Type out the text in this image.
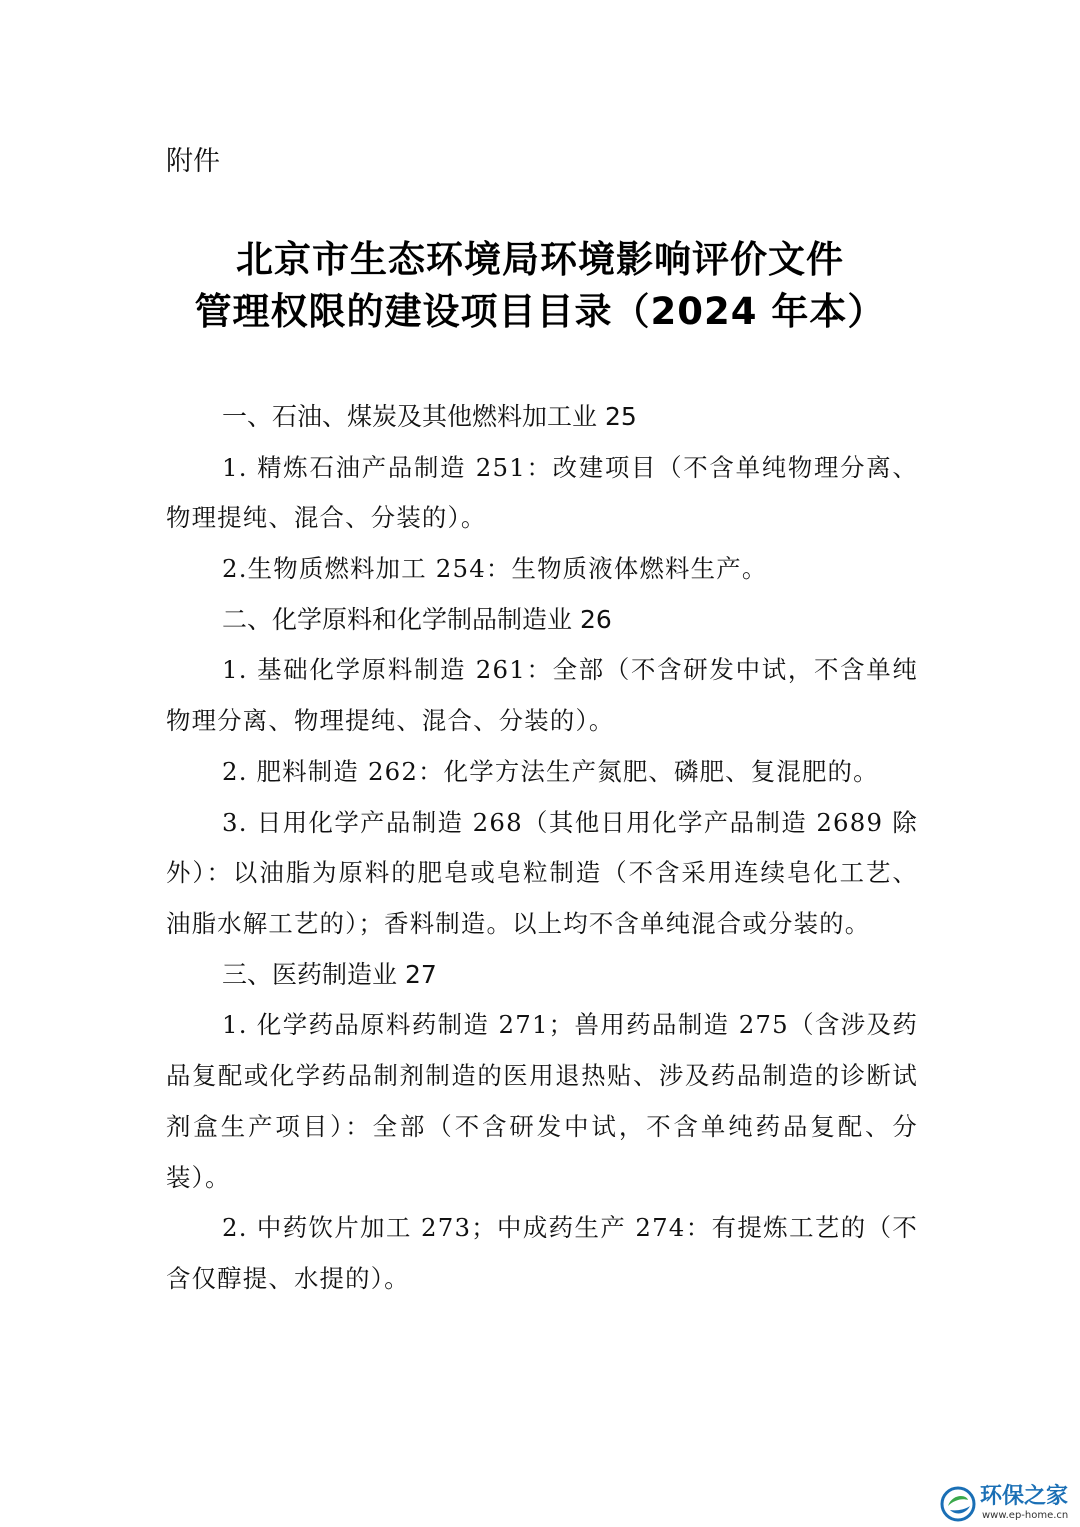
附件
北京市生态环境局环境影响评价文件
管理权限的建设项目目录（2024 年本）
一、石油、煤炭及其他燃料加工业 25

1. 精炼石油产品制造 251：改建项目（不含单纯物理分离、物理提纯、混合、分装的）。

2.生物质燃料加工 254：生物质液体燃料生产。

二、化学原料和化学制品制造业 26

1. 基础化学原料制造 261：全部（不含研发中试，不含单纯物理分离、物理提纯、混合、分装的）。

2. 肥料制造 262：化学方法生产氮肥、磷肥、复混肥的。

3. 日用化学产品制造 268（其他日用化学产品制造 2689 除外）：以油脂为原料的肥皂或皂粒制造（不含采用连续皂化工艺、油脂水解工艺的）；香料制造。以上均不含单纯混合或分装的。

三、医药制造业 27

1. 化学药品原料药制造 271；兽用药品制造 275（含涉及药品复配或化学药品制剂制造的医用退热贴、涉及药品制造的诊断试剂盒生产项目）：全部（不含研发中试，不含单纯药品复配、分装）。

2. 中药饮片加工 273；中成药生产 274：有提炼工艺的（不含仅醇提、水提的）。

环保之家
www.ep-home.cn
